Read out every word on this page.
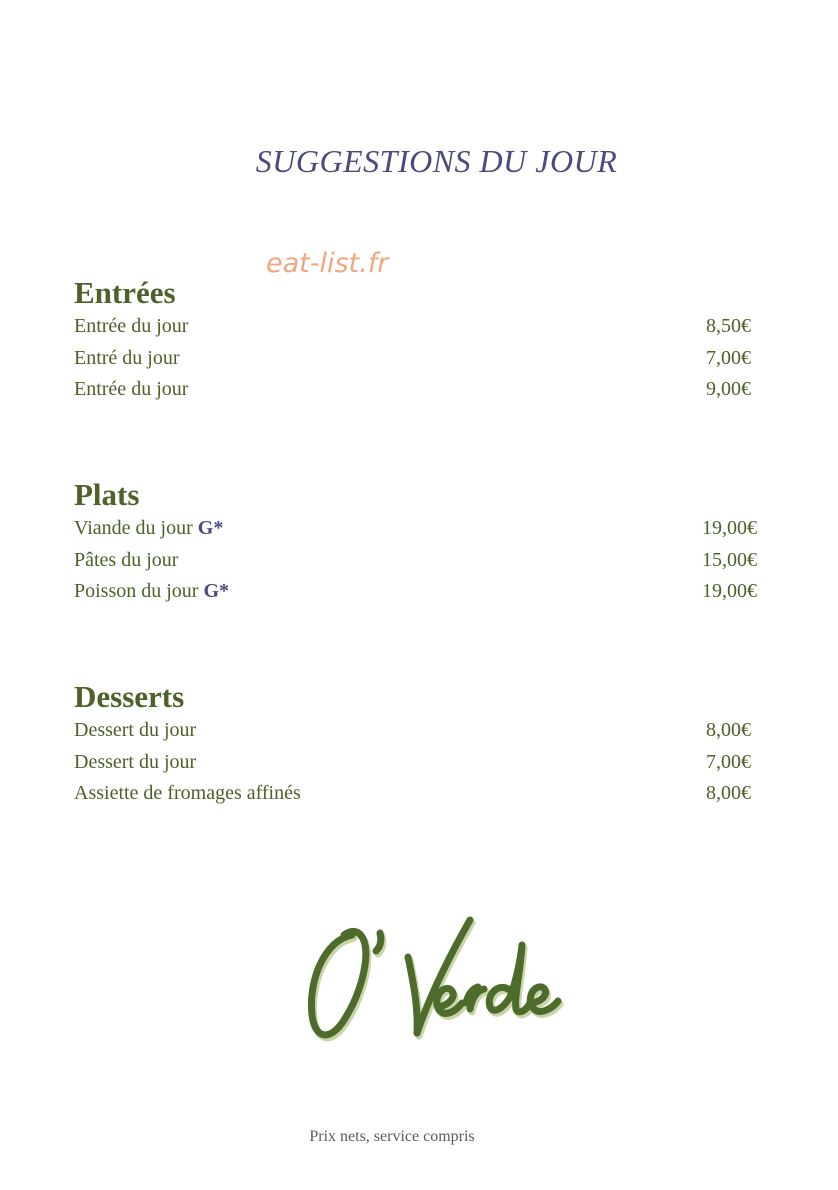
SUGGESTIONS DU JOUR
eat-list.fr
Entrées
Entrée du jour	8,50€
Entré du jour	7,00€
Entrée du jour	9,00€
Plats
Viande du jour G*	19,00€
Pâtes du jour	15,00€
Poisson du jour G*	19,00€
Desserts
Dessert du jour	8,00€
Dessert du jour	7,00€
Assiette de fromages affinés	8,00€
Prix nets, service compris
